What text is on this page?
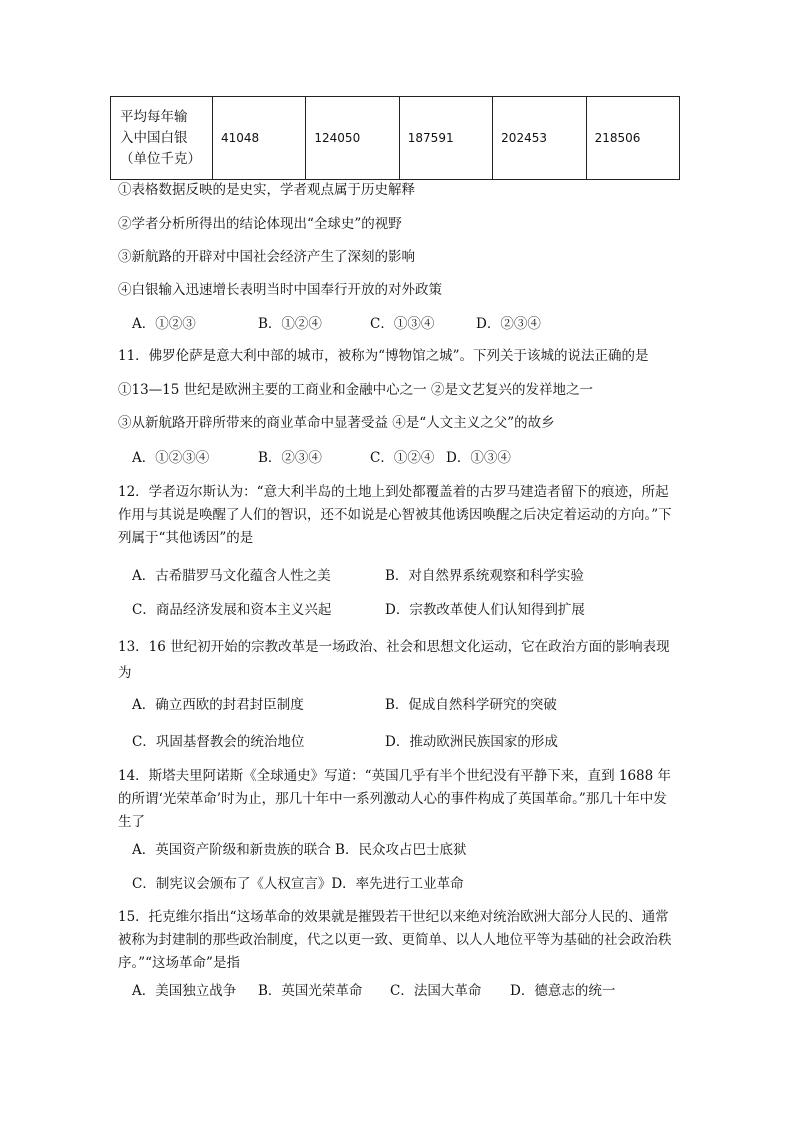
平均每年输
入中国白银
（单位千克）
	41048	124050	187591	202453	218506
①表格数据反映的是史实，学者观点属于历史解释
②学者分析所得出的结论体现出“全球史”的视野
③新航路的开辟对中国社会经济产生了深刻的影响
④白银输入迅速增长表明当时中国奉行开放的对外政策
A．①②③	B．①②④	C．①③④	D．②③④
11．佛罗伦萨是意大利中部的城市，被称为“博物馆之城”。下列关于该城的说法正确的是
①13—15 世纪是欧洲主要的工商业和金融中心之一 ②是文艺复兴的发祥地之一
③从新航路开辟所带来的商业革命中显著受益 ④是“人文主义之父”的故乡
A．①②③④	B．②③④	C．①②④ D．①③④
12．学者迈尔斯认为：“意大利半岛的土地上到处都覆盖着的古罗马建造者留下的痕迹，所起作用与其说是唤醒了人们的智识，还不如说是心智被其他诱因唤醒之后决定着运动的方向。”下列属于“其他诱因”的是
A．古希腊罗马文化蕴含人性之美	B．对自然界系统观察和科学实验
C．商品经济发展和资本主义兴起	D．宗教改革使人们认知得到扩展
13．16 世纪初开始的宗教改革是一场政治、社会和思想文化运动，它在政治方面的影响表现为
A．确立西欧的封君封臣制度	B．促成自然科学研究的突破
C．巩固基督教会的统治地位	D．推动欧洲民族国家的形成
14．斯塔夫里阿诺斯《全球通史》写道：“英国几乎有半个世纪没有平静下来，直到 1688 年的所谓‘光荣革命’时为止，那几十年中一系列激动人心的事件构成了英国革命。”那几十年中发生了
A．英国资产阶级和新贵族的联合 B．民众攻占巴士底狱
C．制宪议会颁布了《人权宣言》D．率先进行工业革命
15．托克维尔指出“这场革命的效果就是摧毁若干世纪以来绝对统治欧洲大部分人民的、通常被称为封建制的那些政治制度，代之以更一致、更简单、以人人地位平等为基础的社会政治秩序。”“这场革命”是指
A．美国独立战争 B．英国光荣革命 C．法国大革命 D．德意志的统一
